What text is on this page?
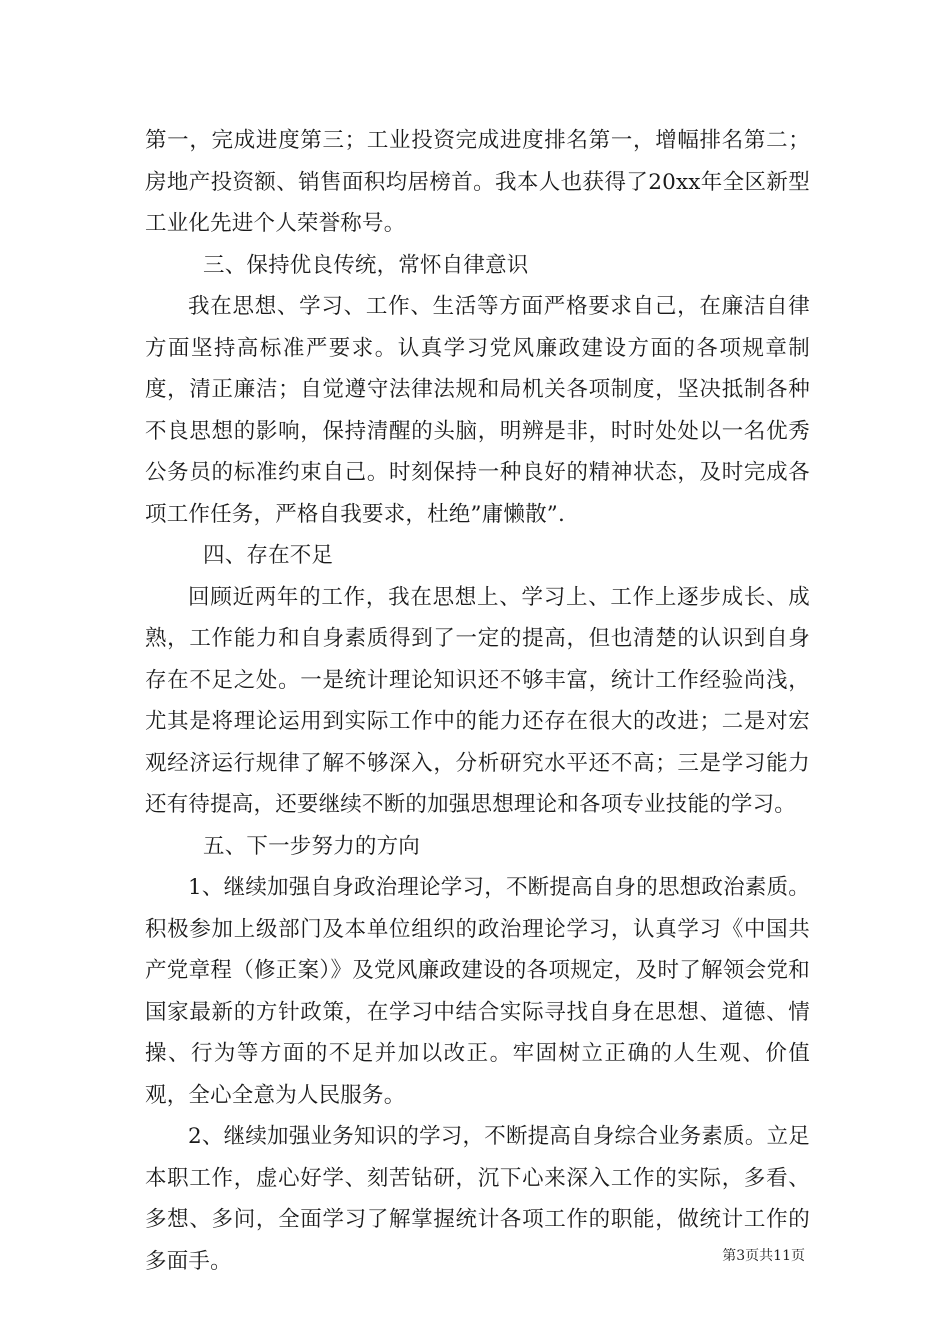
第一，完成进度第三；工业投资完成进度排名第一，增幅排名第二；房地产投资额、销售面积均居榜首。我本人也获得了20xx年全区新型工业化先进个人荣誉称号。

三、保持优良传统，常怀自律意识

我在思想、学习、工作、生活等方面严格要求自己，在廉洁自律方面坚持高标准严要求。认真学习党风廉政建设方面的各项规章制度，清正廉洁；自觉遵守法律法规和局机关各项制度，坚决抵制各种不良思想的影响，保持清醒的头脑，明辨是非，时时处处以一名优秀公务员的标准约束自己。时刻保持一种良好的精神状态，及时完成各项工作任务，严格自我要求，杜绝”庸懒散”.

四、存在不足

回顾近两年的工作，我在思想上、学习上、工作上逐步成长、成熟，工作能力和自身素质得到了一定的提高，但也清楚的认识到自身存在不足之处。一是统计理论知识还不够丰富，统计工作经验尚浅，尤其是将理论运用到实际工作中的能力还存在很大的改进；二是对宏观经济运行规律了解不够深入，分析研究水平还不高；三是学习能力还有待提高，还要继续不断的加强思想理论和各项专业技能的学习。

五、下一步努力的方向

1、继续加强自身政治理论学习，不断提高自身的思想政治素质。积极参加上级部门及本单位组织的政治理论学习，认真学习《中国共产党章程（修正案）》及党风廉政建设的各项规定，及时了解领会党和国家最新的方针政策，在学习中结合实际寻找自身在思想、道德、情操、行为等方面的不足并加以改正。牢固树立正确的人生观、价值观，全心全意为人民服务。

2、继续加强业务知识的学习，不断提高自身综合业务素质。立足本职工作，虚心好学、刻苦钻研，沉下心来深入工作的实际，多看、多想、多问，全面学习了解掌握统计各项工作的职能，做统计工作的多面手。	第3页共11页
